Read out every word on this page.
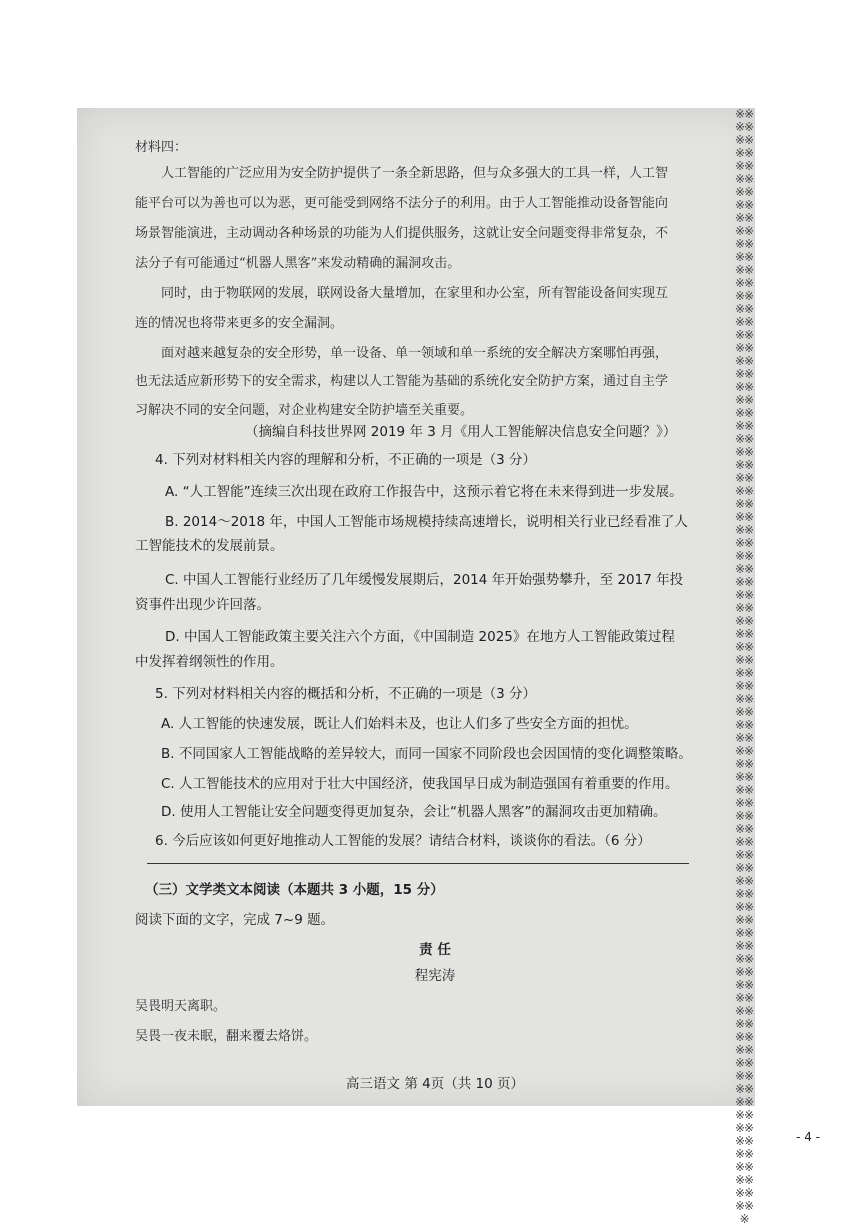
※※※※※※※※※※※※※※※※※※※※※※※※※※※※※※※※※※※※※※※※※※※※※※※※※※※※※※※※※※※※※※※※※※※※※※※※※※※※※※※※※※※※※※※※※※※※※※※※※※※※※※※※※※※※※※※※※※※※※※※※※※※※※※※※※※※※※※※※※※※※※※※※※※※※※※※※※※※※※※※※※※※※※※※※※※※
材料四：
人工智能的广泛应用为安全防护提供了一条全新思路，但与众多强大的工具一样，人工智
能平台可以为善也可以为恶，更可能受到网络不法分子的利用。由于人工智能推动设备智能向
场景智能演进，主动调动各种场景的功能为人们提供服务，这就让安全问题变得非常复杂，不
法分子有可能通过“机器人黑客”来发动精确的漏洞攻击。
同时，由于物联网的发展，联网设备大量增加，在家里和办公室，所有智能设备间实现互
连的情况也将带来更多的安全漏洞。
面对越来越复杂的安全形势，单一设备、单一领域和单一系统的安全解决方案哪怕再强，
也无法适应新形势下的安全需求，构建以人工智能为基础的系统化安全防护方案，通过自主学
习解决不同的安全问题，对企业构建安全防护墙至关重要。
（摘编自科技世界网 2019 年 3 月《用人工智能解决信息安全问题？》）
4. 下列对材料相关内容的理解和分析，不正确的一项是（3 分）
A. “人工智能”连续三次出现在政府工作报告中，这预示着它将在未来得到进一步发展。
B. 2014～2018 年，中国人工智能市场规模持续高速增长，说明相关行业已经看准了人
工智能技术的发展前景。
C. 中国人工智能行业经历了几年缓慢发展期后，2014 年开始强势攀升，至 2017 年投
资事件出现少许回落。
D. 中国人工智能政策主要关注六个方面，《中国制造 2025》在地方人工智能政策过程
中发挥着纲领性的作用。
5. 下列对材料相关内容的概括和分析，不正确的一项是（3 分）
A. 人工智能的快速发展，既让人们始料未及，也让人们多了些安全方面的担忧。
B. 不同国家人工智能战略的差异较大，而同一国家不同阶段也会因国情的变化调整策略。
C. 人工智能技术的应用对于壮大中国经济，使我国早日成为制造强国有着重要的作用。
D. 使用人工智能让安全问题变得更加复杂，会让“机器人黑客”的漏洞攻击更加精确。
6. 今后应该如何更好地推动人工智能的发展？请结合材料，谈谈你的看法。（6 分）
（三）文学类文本阅读（本题共 3 小题，15 分）
阅读下面的文字，完成 7~9 题。
责 任
程宪涛
吴畏明天离职。
吴畏一夜未眠，翻来覆去烙饼。
高三语文 第 4页（共 10 页）
- 4 -
